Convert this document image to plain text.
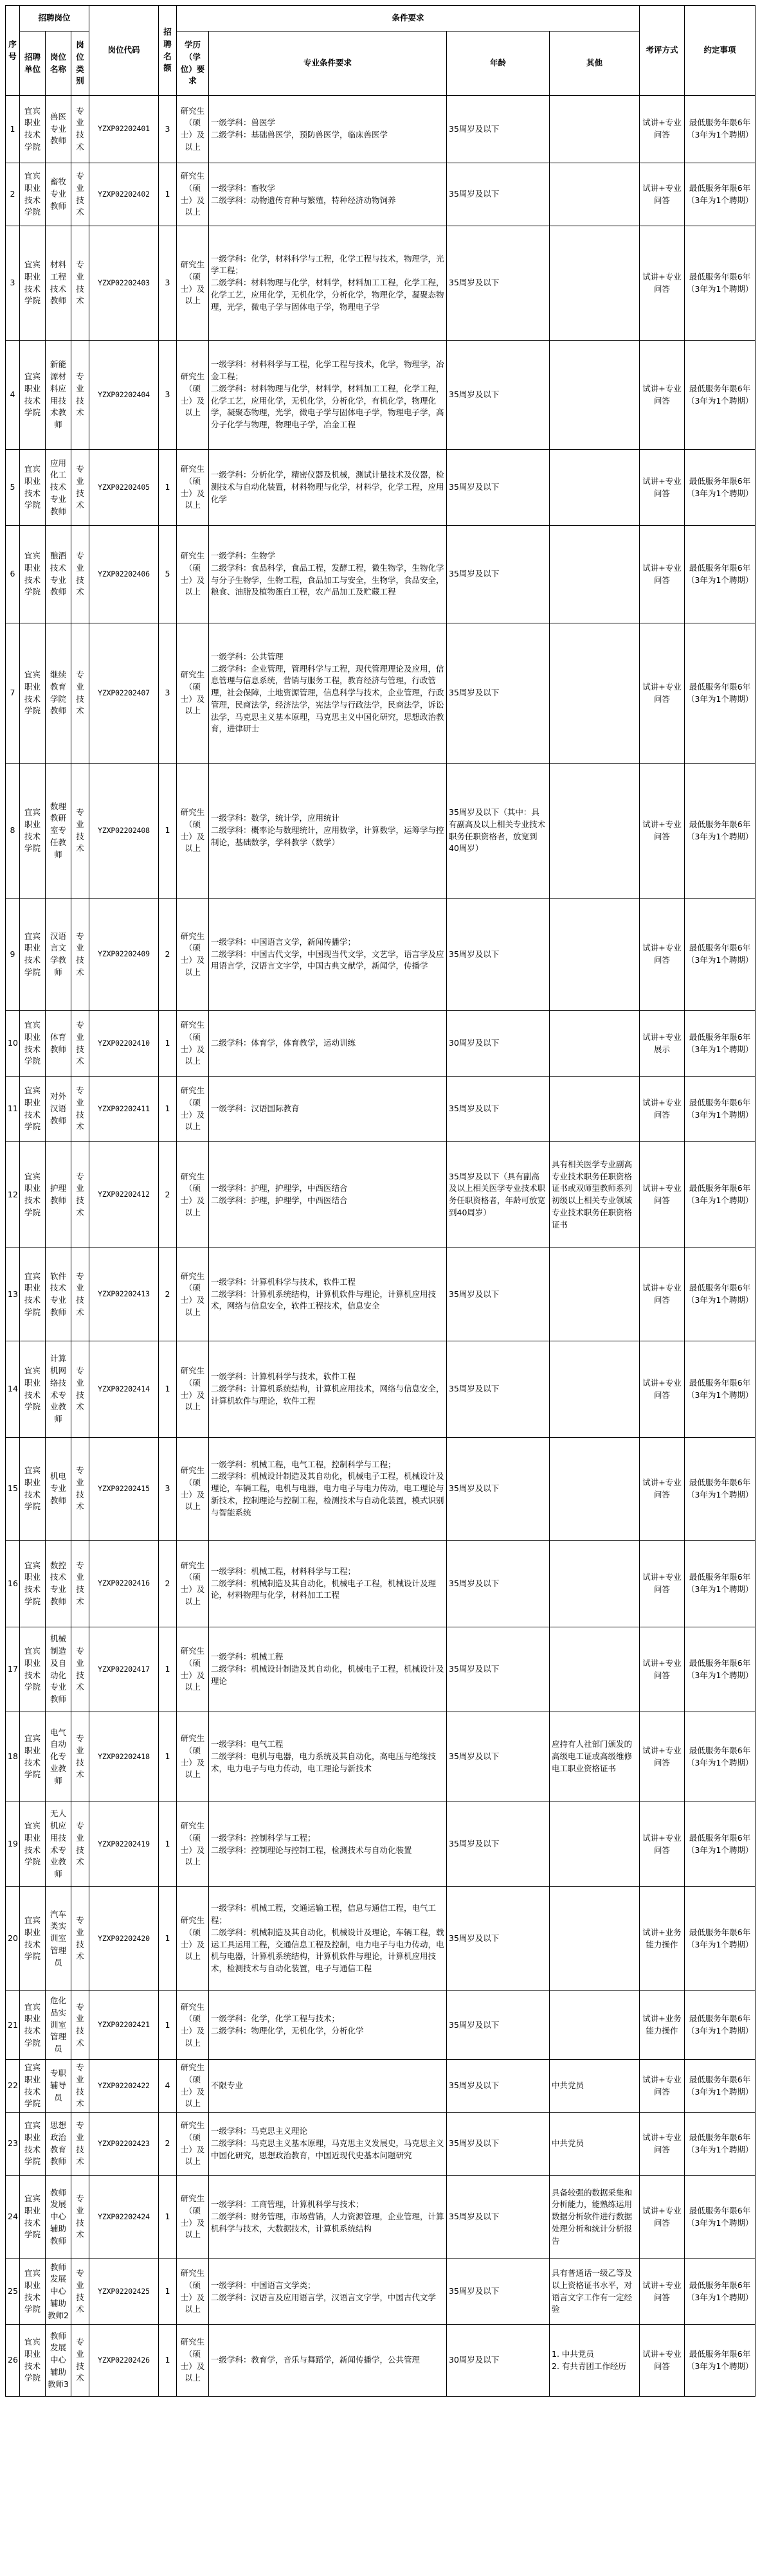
序号	招聘岗位			岗位代码	招聘名额	条件要求				考评方式	约定事项
	招聘单位	岗位名称	岗位类别			学历（学位）要求	专业条件要求	年龄	其他		
1	宜宾职业技术学院	兽医专业教师	专业技术	YZXP02202401	3	研究生（硕士）及以上	一级学科：兽医学
二级学科：基础兽医学，预防兽医学，临床兽医学	35周岁及以下		试讲+专业问答	最低服务年限6年（3年为1个聘期）
2	宜宾职业技术学院	畜牧专业教师	专业技术	YZXP02202402	1	研究生（硕士）及以上	一级学科：畜牧学
二级学科：动物遗传育种与繁殖，特种经济动物饲养	35周岁及以下		试讲+专业问答	最低服务年限6年（3年为1个聘期）
3	宜宾职业技术学院	材料工程技术教师	专业技术	YZXP02202403	3	研究生（硕士）及以上	一级学科：化学，材料科学与工程，化学工程与技术，物理学，光学工程；
二级学科：材料物理与化学，材料学，材料加工工程，化学工程，化学工艺，应用化学，无机化学，分析化学，物理化学，凝聚态物理，光学，微电子学与固体电子学，物理电子学	35周岁及以下		试讲+专业问答	最低服务年限6年（3年为1个聘期）
4	宜宾职业技术学院	新能源材料应用技术教师	专业技术	YZXP02202404	3	研究生（硕士）及以上	一级学科：材料科学与工程，化学工程与技术，化学，物理学，冶金工程；
二级学科：材料物理与化学，材料学，材料加工工程，化学工程，化学工艺，应用化学，无机化学，分析化学，有机化学，物理化学，凝聚态物理，光学，微电子学与固体电子学，物理电子学，高分子化学与物理，物理电子学，冶金工程	35周岁及以下		试讲+专业问答	最低服务年限6年（3年为1个聘期）
5	宜宾职业技术学院	应用化工技术专业教师	专业技术	YZXP02202405	1	研究生（硕士）及以上	一级学科：分析化学，精密仪器及机械，测试计量技术及仪器，检测技术与自动化装置，材料物理与化学，材料学，化学工程，应用化学	35周岁及以下		试讲+专业问答	最低服务年限6年（3年为1个聘期）
6	宜宾职业技术学院	酿酒技术专业教师	专业技术	YZXP02202406	5	研究生（硕士）及以上	一级学科：生物学
二级学科：食品科学，食品工程，发酵工程，微生物学，生物化学与分子生物学，生物工程，食品加工与安全，生物学，食品安全，粮食、油脂及植物蛋白工程，农产品加工及贮藏工程	35周岁及以下		试讲+专业问答	最低服务年限6年（3年为1个聘期）
7	宜宾职业技术学院	继续教育学院教师	专业技术	YZXP02202407	3	研究生（硕士）及以上	一级学科：公共管理
二级学科：企业管理，管理科学与工程，现代管理理论及应用，信息管理与信息系统，营销与服务工程，教育经济与管理，行政管理，社会保障，土地资源管理，信息科学与技术，企业管理，行政管理，民商法学，经济法学，宪法学与行政法学，民商法学，诉讼法学，马克思主义基本原理，马克思主义中国化研究，思想政治教育，进律研士	35周岁及以下		试讲+专业问答	最低服务年限6年（3年为1个聘期）
8	宜宾职业技术学院	数理教研室专任教师	专业技术	YZXP02202408	1	研究生（硕士）及以上	一级学科：数学，统计学，应用统计
二级学科：概率论与数理统计，应用数学，计算数学，运筹学与控制论，基础数学，学科教学（数学）	35周岁及以下（其中：具有副高及以上相关专业技术职务任职资格者，放宽到40周岁）		试讲+专业问答	最低服务年限6年（3年为1个聘期）
9	宜宾职业技术学院	汉语言文学教师	专业技术	YZXP02202409	2	研究生（硕士）及以上	一级学科：中国语言文学，新闻传播学；
二级学科：中国古代文学，中国现当代文学，文艺学，语言学及应用语言学，汉语言文字学，中国古典文献学，新闻学，传播学	35周岁及以下		试讲+专业问答	最低服务年限6年（3年为1个聘期）
10	宜宾职业技术学院	体育教师	专业技术	YZXP02202410	1	研究生（硕士）及以上	二级学科：体育学，体育教学，运动训练	30周岁及以下		试讲+专业展示	最低服务年限6年（3年为1个聘期）
11	宜宾职业技术学院	对外汉语教师	专业技术	YZXP02202411	1	研究生（硕士）及以上	一级学科：汉语国际教育	35周岁及以下		试讲+专业问答	最低服务年限6年（3年为1个聘期）
12	宜宾职业技术学院	护理教师	专业技术	YZXP02202412	2	研究生（硕士）及以上	一级学科：护理，护理学，中西医结合
二级学科：护理，护理学，中西医结合	35周岁及以下（具有副高及以上相关医学专业技术职务任职资格者，年龄可放宽到40周岁）	具有相关医学专业副高专业技术职务任职资格证书或双师型教师系列初级以上相关专业领域专业技术职务任职资格证书	试讲+专业问答	最低服务年限6年（3年为1个聘期）
13	宜宾职业技术学院	软件技术专业教师	专业技术	YZXP02202413	2	研究生（硕士）及以上	一级学科：计算机科学与技术，软件工程
二级学科：计算机系统结构，计算机软件与理论，计算机应用技术，网络与信息安全，软件工程技术，信息安全	35周岁及以下		试讲+专业问答	最低服务年限6年（3年为1个聘期）
14	宜宾职业技术学院	计算机网络技术专业教师	专业技术	YZXP02202414	1	研究生（硕士）及以上	一级学科：计算机科学与技术，软件工程
二级学科：计算机系统结构，计算机应用技术，网络与信息安全，计算机软件与理论，软件工程	35周岁及以下		试讲+专业问答	最低服务年限6年（3年为1个聘期）
15	宜宾职业技术学院	机电专业教师	专业技术	YZXP02202415	3	研究生（硕士）及以上	一级学科：机械工程，电气工程，控制科学与工程；
二级学科：机械设计制造及其自动化，机械电子工程，机械设计及理论，车辆工程，电机与电器，电力电子与电力传动，电工理论与新技术，控制理论与控制工程，检测技术与自动化装置，模式识别与智能系统	35周岁及以下		试讲+专业问答	最低服务年限6年（3年为1个聘期）
16	宜宾职业技术学院	数控技术专业教师	专业技术	YZXP02202416	2	研究生（硕士）及以上	一级学科：机械工程，材料科学与工程；
二级学科：机械制造及其自动化，机械电子工程，机械设计及理论，材料物理与化学，材料加工工程	35周岁及以下		试讲+专业问答	最低服务年限6年（3年为1个聘期）
17	宜宾职业技术学院	机械制造及自动化专业教师	专业技术	YZXP02202417	1	研究生（硕士）及以上	一级学科：机械工程
二级学科：机械设计制造及其自动化，机械电子工程，机械设计及理论	35周岁及以下		试讲+专业问答	最低服务年限6年（3年为1个聘期）
18	宜宾职业技术学院	电气自动化专业教师	专业技术	YZXP02202418	1	研究生（硕士）及以上	一级学科：电气工程
二级学科：电机与电器，电力系统及其自动化，高电压与绝缘技术，电力电子与电力传动，电工理论与新技术	35周岁及以下	应持有人社部门颁发的高级电工证或高级维修电工职业资格证书	试讲+专业问答	最低服务年限6年（3年为1个聘期）
19	宜宾职业技术学院	无人机应用技术专业教师	专业技术	YZXP02202419	1	研究生（硕士）及以上	一级学科：控制科学与工程；
二级学科：控制理论与控制工程，检测技术与自动化装置	35周岁及以下		试讲+专业问答	最低服务年限6年（3年为1个聘期）
20	宜宾职业技术学院	汽车类实训室管理员	专业技术	YZXP02202420	1	研究生（硕士）及以上	一级学科：机械工程，交通运输工程，信息与通信工程，电气工程；
二级学科：机械制造及其自动化，机械设计及理论，车辆工程，载运工具运用工程，交通信息工程及控制，电力电子与电力传动，电机与电器，计算机系统结构，计算机软件与理论，计算机应用技术，检测技术与自动化装置，电子与通信工程	35周岁及以下		试讲+业务能力操作	最低服务年限6年（3年为1个聘期）
21	宜宾职业技术学院	危化品实训室管理员	专业技术	YZXP02202421	1	研究生（硕士）及以上	一级学科：化学，化学工程与技术；
二级学科：物理化学，无机化学，分析化学	35周岁及以下		试讲+业务能力操作	最低服务年限6年（3年为1个聘期）
22	宜宾职业技术学院	专职辅导员	专业技术	YZXP02202422	4	研究生（硕士）及以上	不限专业	35周岁及以下	中共党员	试讲+专业问答	最低服务年限6年（3年为1个聘期）
23	宜宾职业技术学院	思想政治教育教师	专业技术	YZXP02202423	2	研究生（硕士）及以上	一级学科：马克思主义理论
二级学科：马克思主义基本原理，马克思主义发展史，马克思主义中国化研究，思想政治教育，中国近现代史基本问题研究	35周岁及以下	中共党员	试讲+专业问答	最低服务年限6年（3年为1个聘期）
24	宜宾职业技术学院	教师发展中心辅助教师	专业技术	YZXP02202424	1	研究生（硕士）及以上	一级学科：工商管理，计算机科学与技术；
二级学科：财务管理，市场营销，人力资源管理，企业管理，计算机科学与技术，大数据技术，计算机系统结构	35周岁及以下	具备较强的数据采集和分析能力，能熟练运用数据分析软件进行数据处理分析和统计分析报告	试讲+专业问答	最低服务年限6年（3年为1个聘期）
25	宜宾职业技术学院	教师发展中心辅助教师2	专业技术	YZXP02202425	1	研究生（硕士）及以上	一级学科：中国语言文学类；
二级学科：汉语言及应用语言学，汉语言文字学，中国古代文学	35周岁及以下	具有普通话一级乙等及以上资格证书水平，对语言文字工作有一定经验	试讲+专业问答	最低服务年限6年（3年为1个聘期）
26	宜宾职业技术学院	教师发展中心辅助教师3	专业技术	YZXP02202426	1	研究生（硕士）及以上	一级学科：教育学，音乐与舞蹈学，新闻传播学，公共管理	30周岁及以下	1. 中共党员
2. 有共青团工作经历	试讲+专业问答	最低服务年限6年（3年为1个聘期）
